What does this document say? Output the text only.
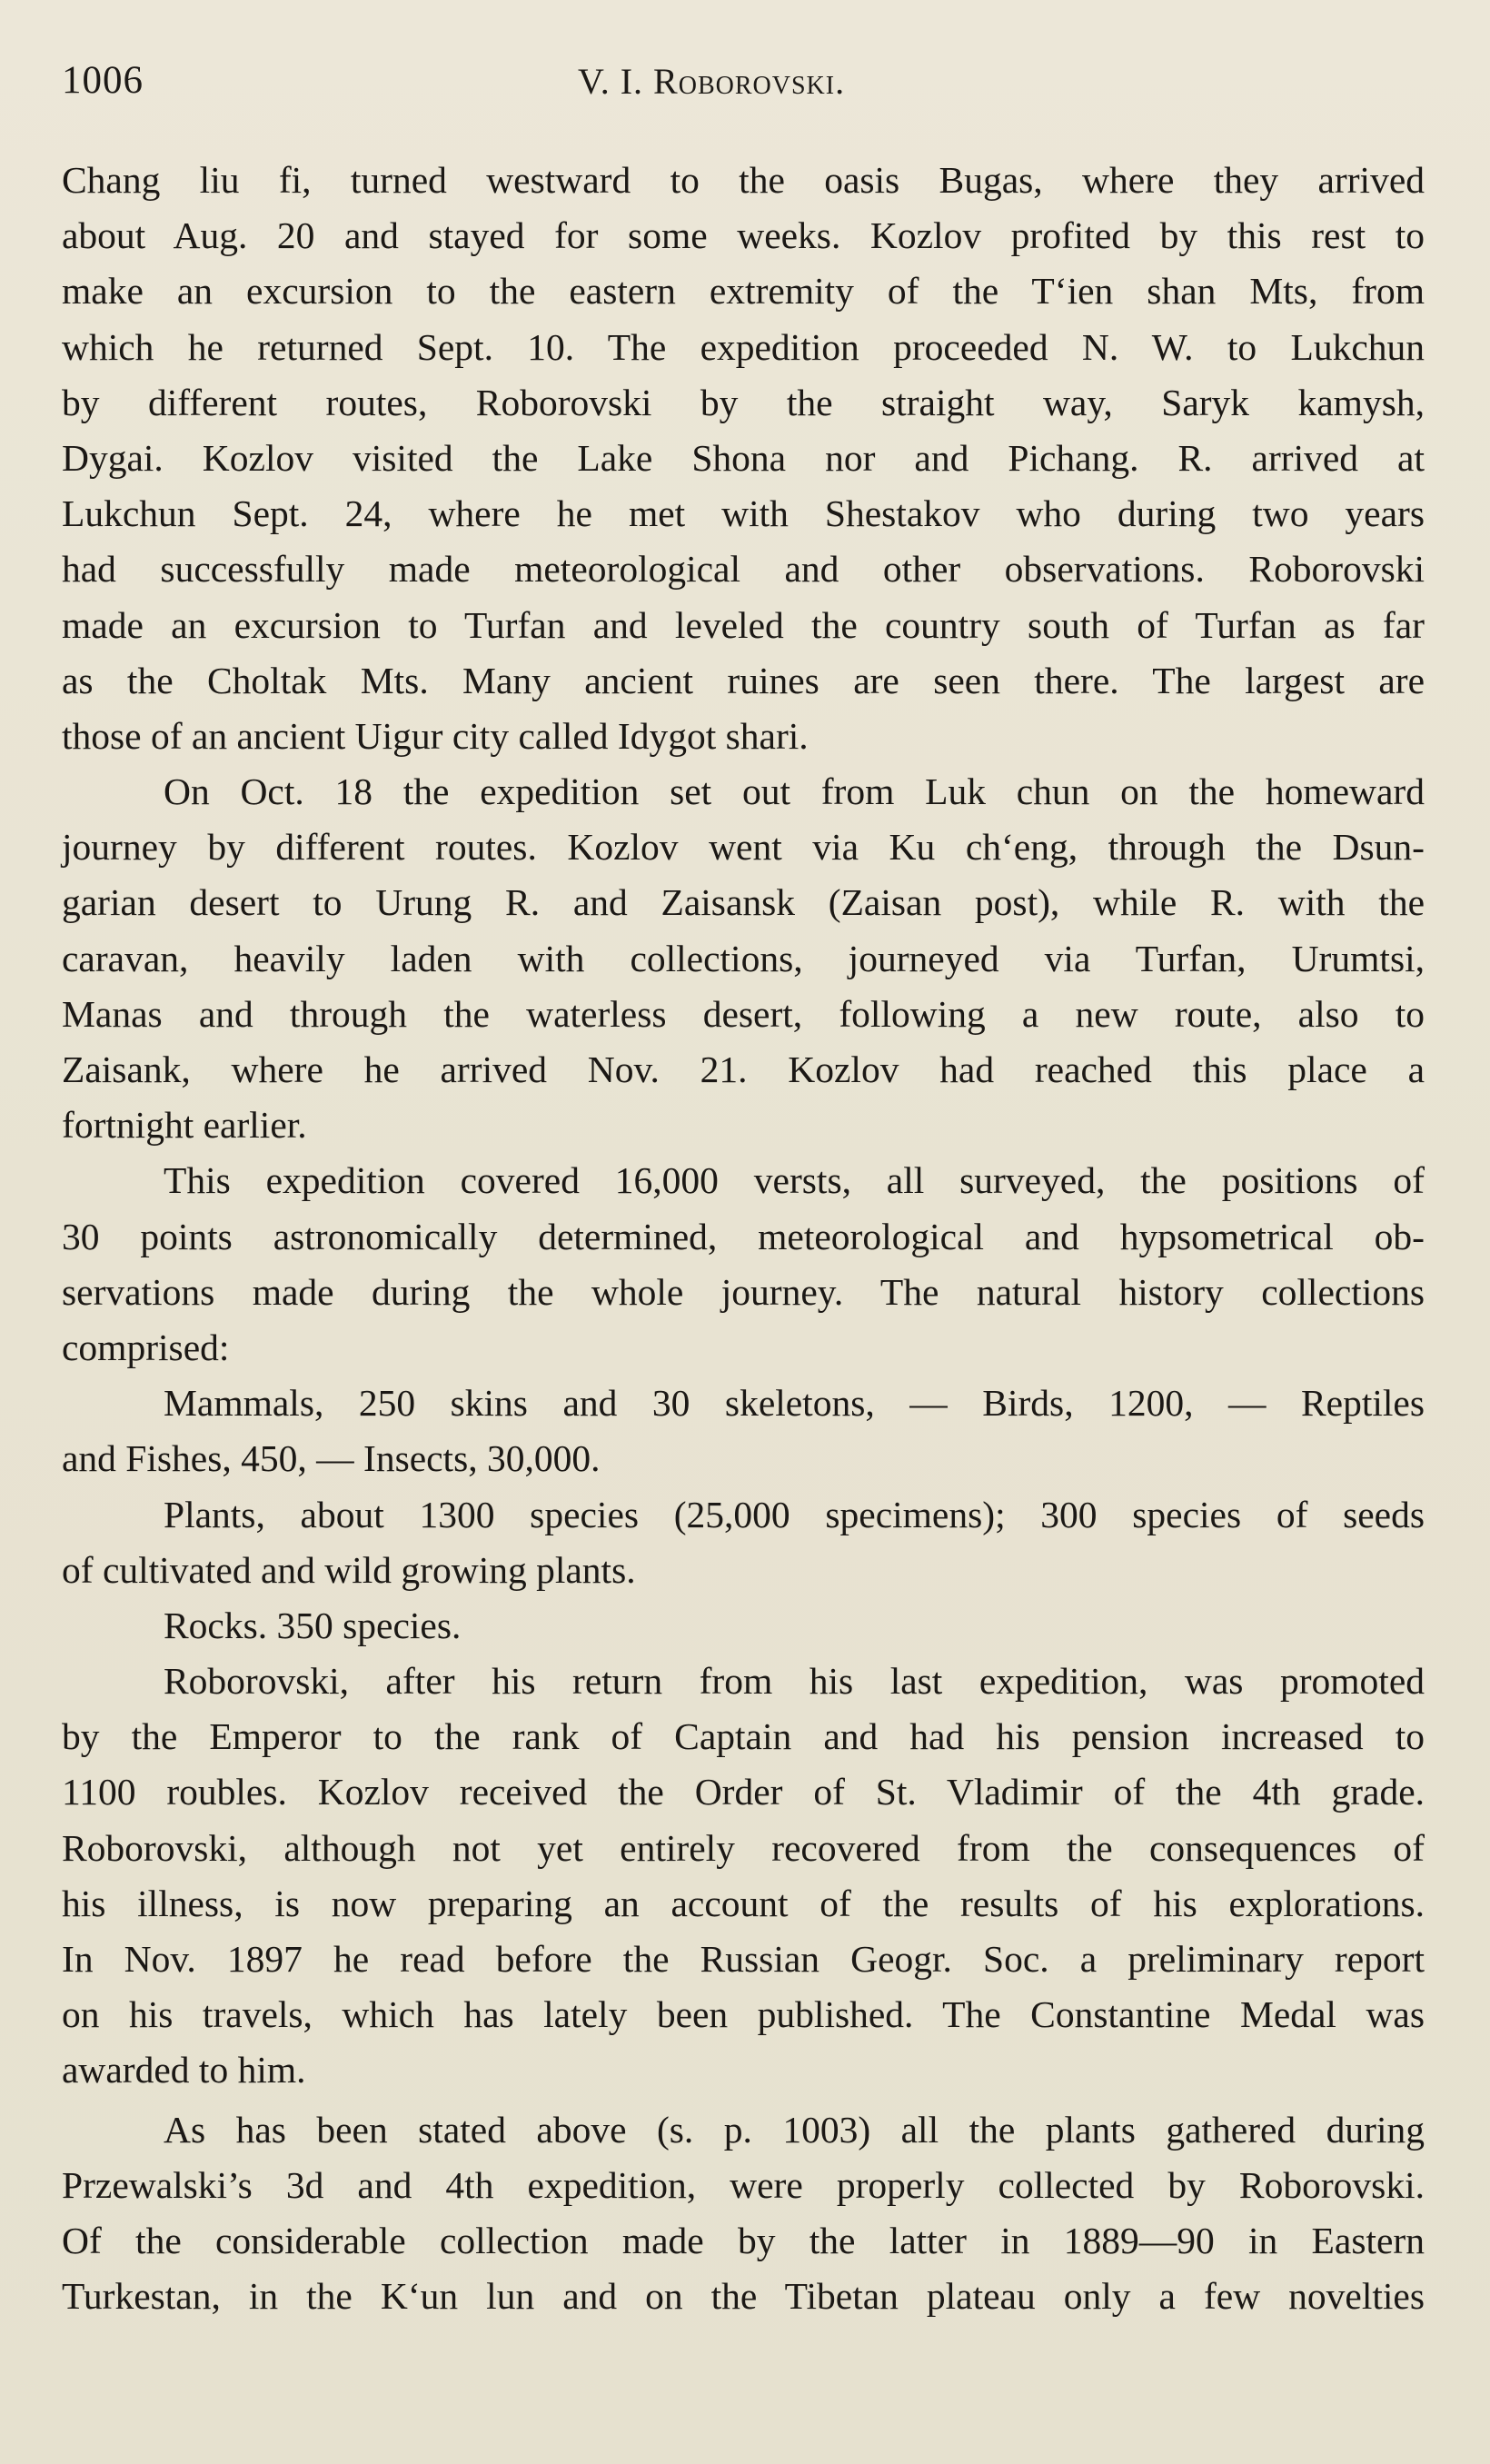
1006	V. I. Roborovski.
Chang liu fi, turned westward to the oasis Bugas, where they arrived
about Aug. 20 and stayed for some weeks. Kozlov profited by this rest to
make an excursion to the eastern extremity of the T‘ien shan Mts, from
which he returned Sept. 10. The expedition proceeded N. W. to Lukchun
by different routes, Roborovski by the straight way, Saryk kamysh,
Dygai. Kozlov visited the Lake Shona nor and Pichang. R. arrived at
Lukchun Sept. 24, where he met with Shestakov who during two years
had successfully made meteorological and other observations. Roborovski
made an excursion to Turfan and leveled the country south of Turfan as far
as the Choltak Mts. Many ancient ruines are seen there. The largest are
those of an ancient Uigur city called Idygot shari.
On Oct. 18 the expedition set out from Luk chun on the homeward
journey by different routes. Kozlov went via Ku ch‘eng, through the Dsun-
garian desert to Urung R. and Zaisansk (Zaisan post), while R. with the
caravan, heavily laden with collections, journeyed via Turfan, Urumtsi,
Manas and through the waterless desert, following a new route, also to
Zaisank, where he arrived Nov. 21. Kozlov had reached this place a
fortnight earlier.
This expedition covered 16,000 versts, all surveyed, the positions of
30 points astronomically determined, meteorological and hypsometrical ob-
servations made during the whole journey. The natural history collections
comprised:
Mammals, 250 skins and 30 skeletons, — Birds, 1200, — Reptiles
and Fishes, 450, — Insects, 30,000.
Plants, about 1300 species (25,000 specimens); 300 species of seeds
of cultivated and wild growing plants.
Rocks. 350 species.
Roborovski, after his return from his last expedition, was promoted
by the Emperor to the rank of Captain and had his pension increased to
1100 roubles. Kozlov received the Order of St. Vladimir of the 4th grade.
Roborovski, although not yet entirely recovered from the consequences of
his illness, is now preparing an account of the results of his explorations.
In Nov. 1897 he read before the Russian Geogr. Soc. a preliminary report
on his travels, which has lately been published. The Constantine Medal was
awarded to him.
As has been stated above (s. p. 1003) all the plants gathered during
Przewalski’s 3d and 4th expedition, were properly collected by Roborovski.
Of the considerable collection made by the latter in 1889—90 in Eastern
Turkestan, in the K‘un lun and on the Tibetan plateau only a few novelties
